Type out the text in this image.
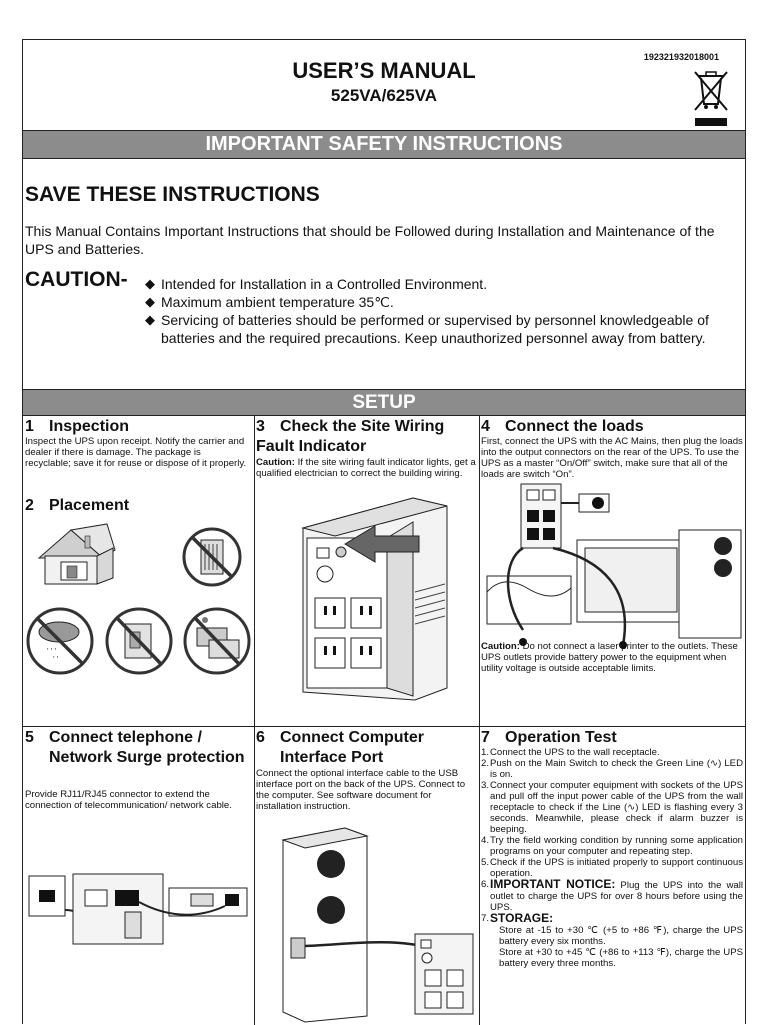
USER’S MANUAL
525VA/625VA
192321932018001
IMPORTANT SAFETY INSTRUCTIONS
SAVE THESE INSTRUCTIONS
This Manual Contains Important Instructions that should be Followed during Installation and Maintenance of the UPS and Batteries.
CAUTION-
◆	Intended for Installation in a Controlled Environment.
◆ Maximum ambient temperature 35℃.
◆ Servicing of batteries should be performed or supervised by personnel knowledgeable of batteries and the required precautions. Keep unauthorized personnel away from battery.
SETUP
1 Inspection
Inspect the UPS upon receipt. Notify the carrier and dealer if there is damage. The package is recyclable; save it for reuse or dispose of it properly.
2 Placement
' ' '
' '
3 Check the Site Wiring Fault Indicator
Caution: If the site wiring fault indicator lights, get a qualified electrician to correct the building wiring.
4 Connect the loads
First, connect the UPS with the AC Mains, then plug the loads into the output connectors on the rear of the UPS. To use the UPS as a master “On/Off” switch, make sure that all of the loads are switch “On”.
Caution: Do not connect a laser printer to the outlets. These UPS outlets provide battery power to the equipment when utility voltage is outside acceptable limits.
5 Connect telephone / Network Surge protection
Provide RJ11/RJ45 connector to extend the connection of telecommunication/ network cable.
6 Connect Computer Interface Port
Connect the optional interface cable to the USB interface port on the back of the UPS. Connect to the computer. See software document for installation instruction.
7 Operation Test
1. Connect the UPS to the wall receptacle.
2. Push on the Main Switch to check the Green Line (∿) LED is on.
3. Connect your computer equipment with sockets of the UPS and pull off the input power cable of the UPS from the wall receptacle to check if the Line (∿) LED is flashing every 3 seconds. Meanwhile, please check if alarm buzzer is beeping.
4. Try the field working condition by running some application programs on your computer and repeating step.
5. Check if the UPS is initiated properly to support continuous operation.
6. IMPORTANT NOTICE: Plug the UPS into the wall outlet to charge the UPS for over 8 hours before using the UPS.
7. STORAGE:
Store at -15 to +30 ℃ (+5 to +86 ℉), charge the UPS battery every six months.
Store at +30 to +45 ℃ (+86 to +113 ℉), charge the UPS battery every three months.
